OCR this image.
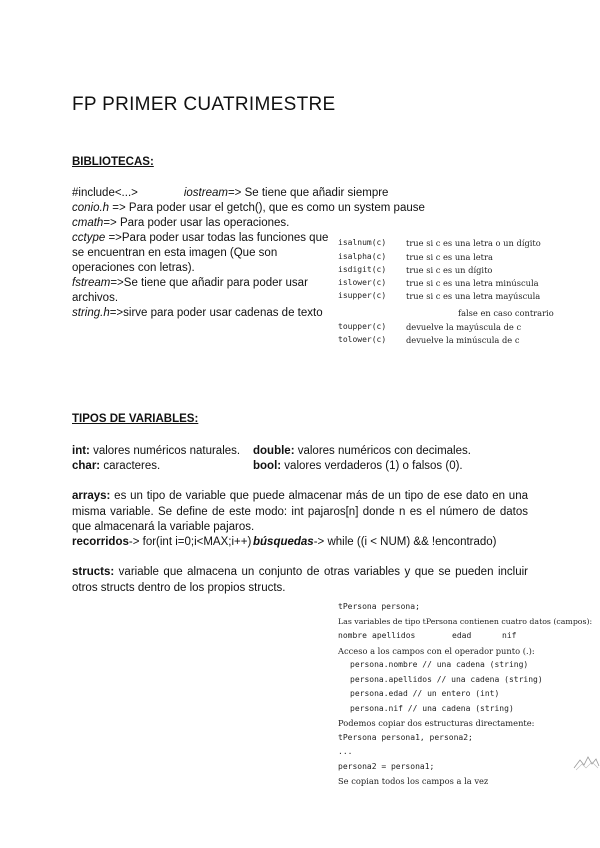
FP PRIMER CUATRIMESTRE
BIBLIOTECAS:
#include<...>	iostream=> Se tiene que añadir siempre
conio.h => Para poder usar el getch(), que es como un system pause
cmath=> Para poder usar las operaciones.
cctype =>Para poder usar todas las funciones que
se encuentran en esta imagen (Que son
operaciones con letras).
fstream=>Se tiene que añadir para poder usar
archivos.
string.h=>sirve para poder usar cadenas de texto
isalnum(c) true si c es una letra o un dígito
isalpha(c) true si c es una letra
isdigit(c) true si c es un dígito
islower(c) true si c es una letra minúscula
isupper(c) true si c es una letra mayúscula
false en caso contrario
toupper(c) devuelve la mayúscula de c
tolower(c) devuelve la minúscula de c
TIPOS DE VARIABLES:
int: valores numéricos naturales. double: valores numéricos con decimales.
char: caracteres.	bool: valores verdaderos (1) o falsos (0).
arrays: es un tipo de variable que puede almacenar más de un tipo de ese dato en una misma variable. Se define de este modo: int pajaros[n] donde n es el número de datos que almacenará la variable pajaros.
recorridos-> for(int i=0;i<MAX;i++) búsquedas-> while ((i < NUM) && !encontrado)
structs: variable que almacena un conjunto de otras variables y que se pueden incluir otros structs dentro de los propios structs.
tPersona persona;
Las variables de tipo tPersona contienen cuatro datos (campos):
nombre apellidos	edad	nif
Acceso a los campos con el operador punto (.):
persona.nombre // una cadena (string)
persona.apellidos // una cadena (string)
persona.edad // un entero (int)
persona.nif // una cadena (string)
Podemos copiar dos estructuras directamente:
tPersona persona1, persona2;
...
persona2 = persona1;
Se copian todos los campos a la vez
